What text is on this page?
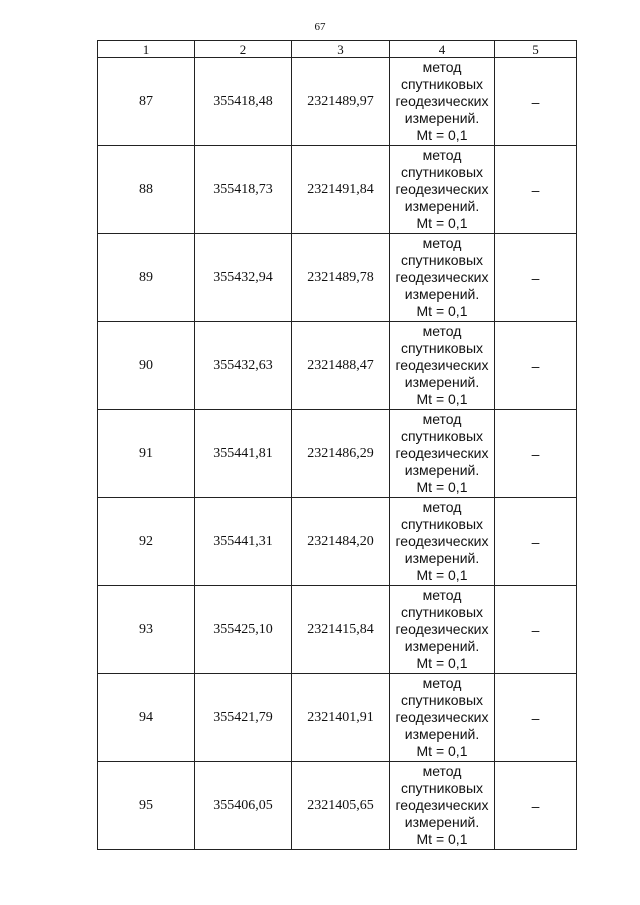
67
1	2	3	4	5
87	355418,48	2321489,97	метод
спутниковых
геодезических
измерений.
Mt = 0,1	–
88	355418,73	2321491,84	метод
спутниковых
геодезических
измерений.
Mt = 0,1	–
89	355432,94	2321489,78	метод
спутниковых
геодезических
измерений.
Mt = 0,1	–
90	355432,63	2321488,47	метод
спутниковых
геодезических
измерений.
Mt = 0,1	–
91	355441,81	2321486,29	метод
спутниковых
геодезических
измерений.
Mt = 0,1	–
92	355441,31	2321484,20	метод
спутниковых
геодезических
измерений.
Mt = 0,1	–
93	355425,10	2321415,84	метод
спутниковых
геодезических
измерений.
Mt = 0,1	–
94	355421,79	2321401,91	метод
спутниковых
геодезических
измерений.
Mt = 0,1	–
95	355406,05	2321405,65	метод
спутниковых
геодезических
измерений.
Mt = 0,1	–
